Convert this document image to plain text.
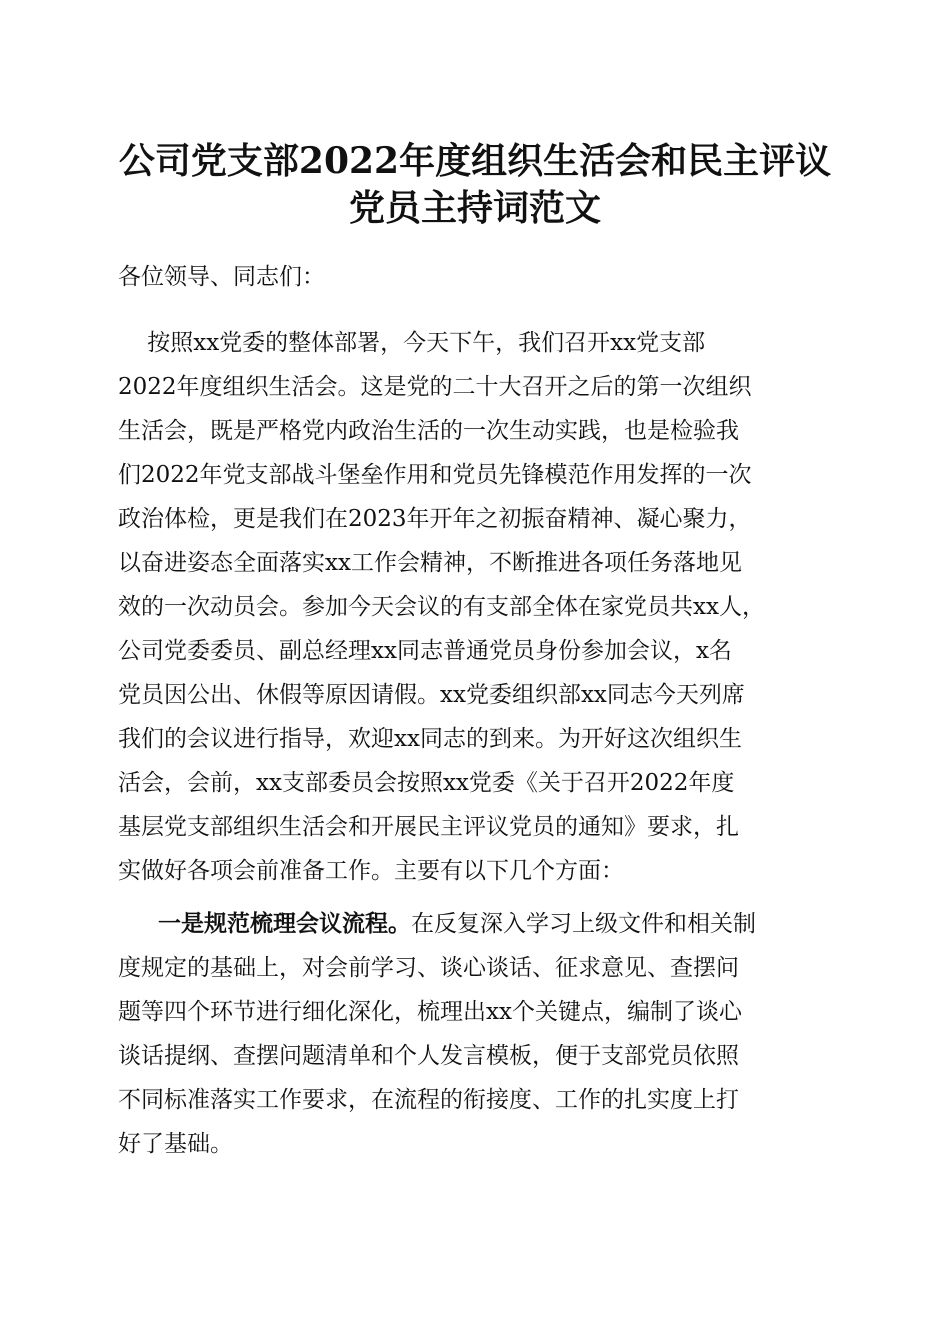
公司党支部2022年度组织生活会和民主评议
党员主持词范文
各位领导、同志们：
按照xx党委的整体部署，今天下午，我们召开xx党支部
2022年度组织生活会。这是党的二十大召开之后的第一次组织
生活会，既是严格党内政治生活的一次生动实践，也是检验我
们2022年党支部战斗堡垒作用和党员先锋模范作用发挥的一次
政治体检，更是我们在2023年开年之初振奋精神、凝心聚力，
以奋进姿态全面落实xx工作会精神，不断推进各项任务落地见
效的一次动员会。参加今天会议的有支部全体在家党员共xx人，
公司党委委员、副总经理xx同志普通党员身份参加会议，x名
党员因公出、休假等原因请假。xx党委组织部xx同志今天列席
我们的会议进行指导，欢迎xx同志的到来。为开好这次组织生
活会，会前，xx支部委员会按照xx党委《关于召开2022年度
基层党支部组织生活会和开展民主评议党员的通知》要求，扎
实做好各项会前准备工作。主要有以下几个方面：
一是规范梳理会议流程。在反复深入学习上级文件和相关制
度规定的基础上，对会前学习、谈心谈话、征求意见、查摆问
题等四个环节进行细化深化，梳理出xx个关键点，编制了谈心
谈话提纲、查摆问题清单和个人发言模板，便于支部党员依照
不同标准落实工作要求，在流程的衔接度、工作的扎实度上打
好了基础。
